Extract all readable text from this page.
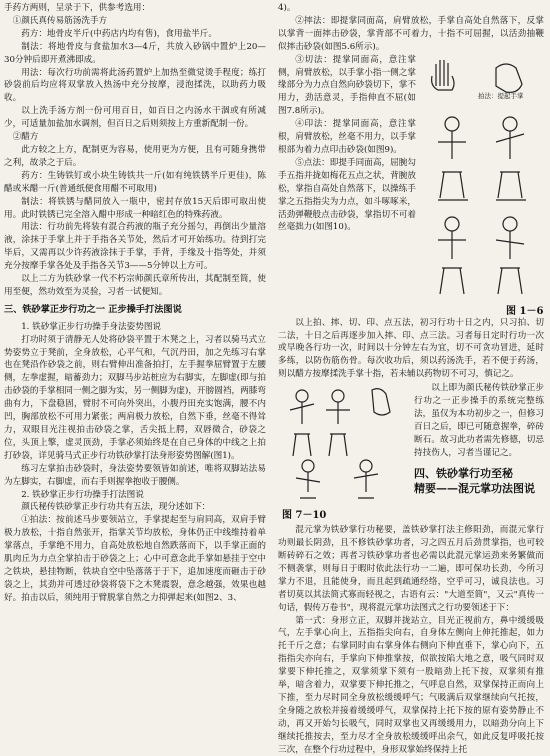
手药方两则，呈录于下，供参考选用：

①颜氏真传易筋汤洗手方

药方：地骨皮半斤(中药店内均有售)，食用盐半斤。

制法：将地骨皮与食盐加水3—4斤，共放入砂锅中置炉上20—30分钟后即开煮沸即成。

用法：每次行功前需将此汤药置炉上加热至微觉烫手程度；练打砂袋前后均应将双掌放入热汤中充分按摩，浸泡揉洗，以助药力吸收。

以上洗手汤方剂一份可用百日，如百日之内汤水干涸或有所减少，可适量加盐加水调剂，但百日之后则须按上方重新配制一份。

②醋方

此方较之上方，配制更为容易，使用更为方便，且有可随身携带之利，故录之于后。

药方：生铸铁钉或小块生铸铁共一斤(如有纯铁锈半斤更佳)，陈醋或米醋一斤(普通纸便食用醋不可取用)

制法：将铁锈与醋同放入一瓶中，密封存放15天后即可取出使用。此时铁锈已完全溶入醋中形成一种暗红色的特殊药液。

用法：行功前先将装有混合药液的瓶子充分摇匀，再倒出少量溶液，涂抹于手掌上并于手指各关节处，然后才可开始练功。待到打完毕后，又需再以少许药液涂抹于手掌，手背，手缘及十指等处，并须充分按摩手掌各处及手指各关节3——5分钟以上方可。

以上二方为铁砂掌一代不朽宗师颜氏章所传出，其配制至简，使用至便，然功效至为灵验，习者一试便知。

三、铁砂掌正步行功之一 正步操手打法图说

1. 铁砂掌正步行功操手身法姿势图说

打功时须于清静无人处将砂袋平置于木凳之上，习者以骑马式立势姿势立于凳前，全身放松，心平气和，气沉丹田，加之先练习右掌也在凳沿作砂袋之前，则右臂伸出准备拍打，左手握拳屈臂置于左腰侧，左拳虚握，暗蓄劲力；双脚马步站桩应为右脚实，左脚虚(即与拍击砂袋的手掌相同一侧之脚为实，另一侧脚为虚)，开膀圆裆，两膝弯曲有力，下盘稳固，臂肘不可向外突出，小腹丹田充实饱满，腰不内凹，胸部放松不可用力紧张；两肩极力放松，自然下垂，丝毫不得耸力，双眼目光注视拍击砂袋之掌，舌尖抵上腭，双唇微合，砂袋之位，头顶上擎，虚灵顶劲，手掌必须始终是在自己身体的中线之上拍打砂袋，详见骑马式正步行功铁砂掌打法身形姿势图解(图1)。

练习左掌拍击砂袋时，身法姿势要领皆如前述，唯将双脚站法易为左脚实，右脚虚，而右手则握拳抱收于腰侧。

2. 铁砂掌正步行功操手打法图说

颜氏秘传铁砂掌正步行功共有五法，现分述如下：

①拍法：按前述马步要领站立，手掌提起至与肩同高，双肩手臂极力放松，十指自然张开，指掌关节均放松，身体仍正中线维持着单掌落点，手掌绝不用力，自高处放松地自然跌落而下，以手掌正面的肌肉丘为力点全掌拍击于砂袋之上；心中可意念此手掌如悬挂于空中之铁块，悬挂物断，铁块自空中坠落落于于下，追加速度而砸击于砂袋之上，其劲并可透过砂袋将袋下之木凳震裂，意念越强，效果也越好。拍击以后，须纯用于臂脱掌自然之力抑弹起来(如图2、3、

4)。

②摔法：即提掌同面高，肩臂放松，手掌自高处自然落下，反掌以掌背一面摔击砂袋，掌背部不可着力，十指不可屈握，以活劲抽鞭似摔击砂袋(如图5.6所示)。

③切法：提掌同面高，意注掌侧，肩臂放松，以手掌小指一侧之掌缘部分为力点自然向砂袋切下，掌不用力，劲活意灵，手指伸直不屈(如图7.8所示)。

④印法：提掌同面高，意注掌根，肩臂放松，丝毫不用力，以手掌根部为着力点印击砂袋(如图9)。

⑤点法：即提手同面高，屈腕勾手五指并拢如梅花五点之状，背腕放松，掌指自高处自然落下，以操练手掌之五指指尖为力点，如斗啄啄米，活劲弹鞭般点击砂袋，掌指切不可着丝毫拙力(如图10)。

拍法：提起手掌
图 1－6

以上拍、摔、切、印、点五法，初习行功十日之内，只习拍、切二法，十日之后再逐步加入摔、印、点三法。习者每日定时行功一次或早晚各行功一次，时间以十分钟左右为宜，切不可贪功冒进，延时多练，以防伤筋伤骨。每次收功后，须以药汤洗手，若不便于药汤，则以醋方按摩揉洗手掌十指，若未辅以药物切不可习，慎记之。

图 7－10

以上即为颜氏秘传铁砂掌正步行功之一正步操手的系统完整练法，虽仅为本功初步之一，但修习百日之后，即已可随意握拳，碎砖断石。故习此功者需先修德，切忌持技伤人，习者当谨记之。

四、铁砂掌行功至秘

精要——混元掌功法图说

混元掌为铁砂掌行功秘要，盖铁砂掌打法主修阳劲，而混元掌行功则最长阴劲，且不修铁砂掌功者，习之四五月后劲贯掌指，也可较断砖碎石之效；再者习铁砂掌功者也必需以此混元掌运劲来务繁做而不侧袭掌，则每日于暇时依此法行功一二遍，即可保功长劲，今所习掌力不退，且能使身，而且起到疏通经络，空乎可习，诚良法也。习者切莫以其法简式寡而轻视之，古语有云："大道至简"，又云"真传一句话，假传万卷书"，现将混元掌功法图式之行功要领述于下：

第一式：身形立正，双脚并拢站立，目光正视前方，鼻中缓缓吸气，左手掌心向上，五指指尖向右，自身体左侧向上伸托推起，如力托千斤之意；右掌同时由右掌身体右侧向下伸直垂下，掌心向下，五指指尖亦向右，手掌向下伸推掌按，似欲按陷大地之意，吸气同时双掌要下伸托推之，双掌须掌下须有一股暗劲上托下按，双掌须有推举，暗含着力，双掌要下伸托推之，气呼息自然，双掌保持正而向上下推，至力尽时同全身放松缓缓呼气；气吸满后双掌继续向气托按，全身随之放松并接着缓缓呼气，双掌保持上托下按的原有姿势静止不动，再又开始匀长吸气，同时双掌也又再缓缓用力，以暗劲分向上下继续托推按去，至力尽才全身放松缓缓呼出余气，如此反复呼吸托按三次，在整个行功过程中，身形双掌始终保持上托
